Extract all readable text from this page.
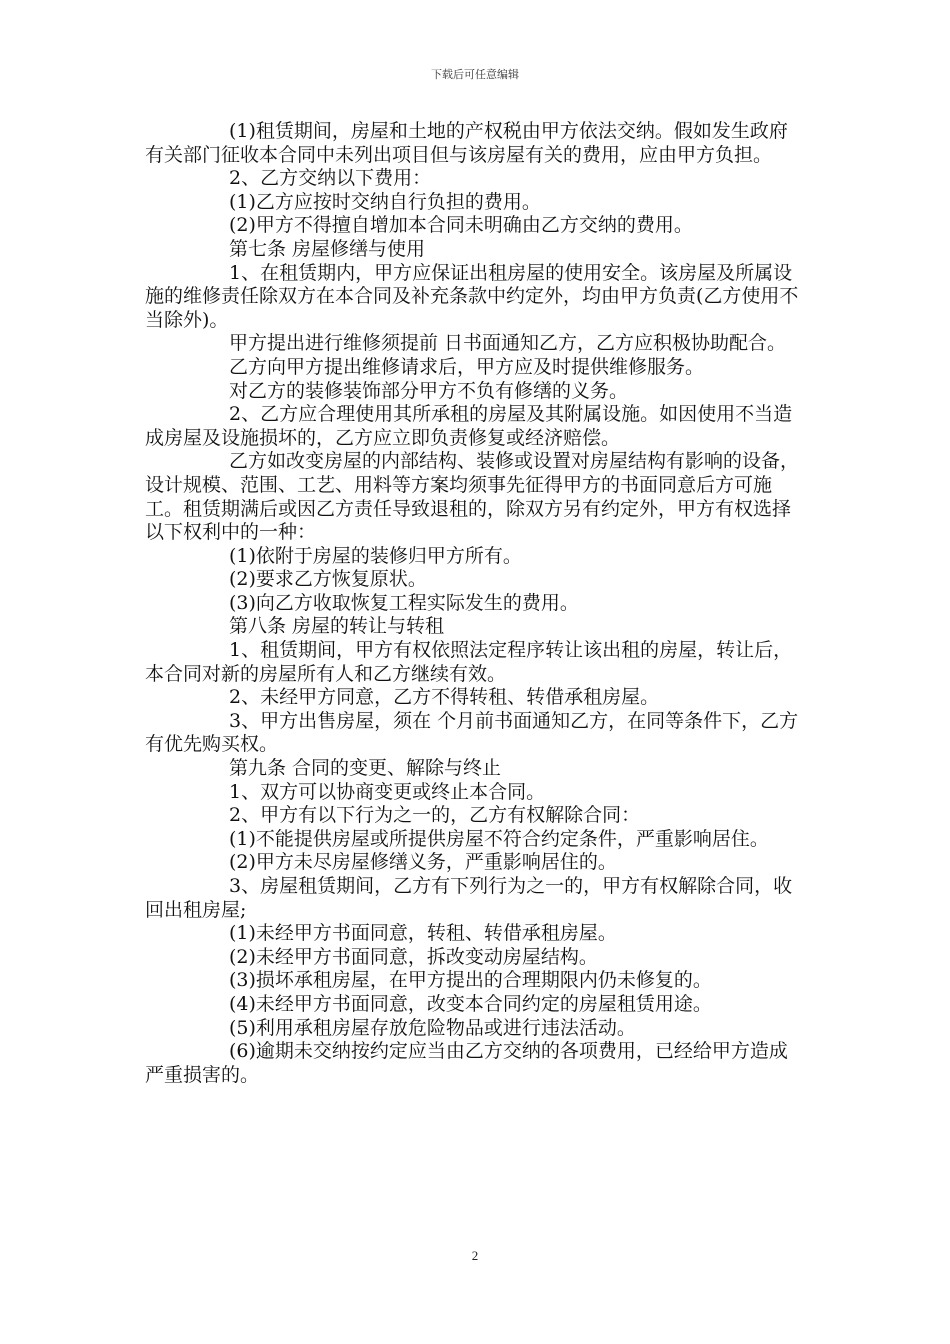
下载后可任意编辑

(1)租赁期间，房屋和土地的产权税由甲方依法交纳。假如发生政府有关部门征收本合同中未列出项目但与该房屋有关的费用，应由甲方负担。

2、乙方交纳以下费用：

(1)乙方应按时交纳自行负担的费用。

(2)甲方不得擅自增加本合同未明确由乙方交纳的费用。

第七条 房屋修缮与使用

1、在租赁期内，甲方应保证出租房屋的使用安全。该房屋及所属设施的维修责任除双方在本合同及补充条款中约定外，均由甲方负责(乙方使用不当除外)。

甲方提出进行维修须提前 日书面通知乙方，乙方应积极协助配合。

乙方向甲方提出维修请求后，甲方应及时提供维修服务。

对乙方的装修装饰部分甲方不负有修缮的义务。

2、乙方应合理使用其所承租的房屋及其附属设施。如因使用不当造成房屋及设施损坏的，乙方应立即负责修复或经济赔偿。

乙方如改变房屋的内部结构、装修或设置对房屋结构有影响的设备，设计规模、范围、工艺、用料等方案均须事先征得甲方的书面同意后方可施工。租赁期满后或因乙方责任导致退租的，除双方另有约定外，甲方有权选择以下权利中的一种：

(1)依附于房屋的装修归甲方所有。

(2)要求乙方恢复原状。

(3)向乙方收取恢复工程实际发生的费用。

第八条 房屋的转让与转租

1、租赁期间，甲方有权依照法定程序转让该出租的房屋，转让后，本合同对新的房屋所有人和乙方继续有效。

2、未经甲方同意，乙方不得转租、转借承租房屋。

3、甲方出售房屋，须在 个月前书面通知乙方，在同等条件下，乙方有优先购买权。

第九条 合同的变更、解除与终止

1、双方可以协商变更或终止本合同。

2、甲方有以下行为之一的，乙方有权解除合同：

(1)不能提供房屋或所提供房屋不符合约定条件，严重影响居住。

(2)甲方未尽房屋修缮义务，严重影响居住的。

3、房屋租赁期间，乙方有下列行为之一的，甲方有权解除合同，收回出租房屋;

(1)未经甲方书面同意，转租、转借承租房屋。

(2)未经甲方书面同意，拆改变动房屋结构。

(3)损坏承租房屋，在甲方提出的合理期限内仍未修复的。

(4)未经甲方书面同意，改变本合同约定的房屋租赁用途。

(5)利用承租房屋存放危险物品或进行违法活动。

(6)逾期未交纳按约定应当由乙方交纳的各项费用，已经给甲方造成严重损害的。

2
